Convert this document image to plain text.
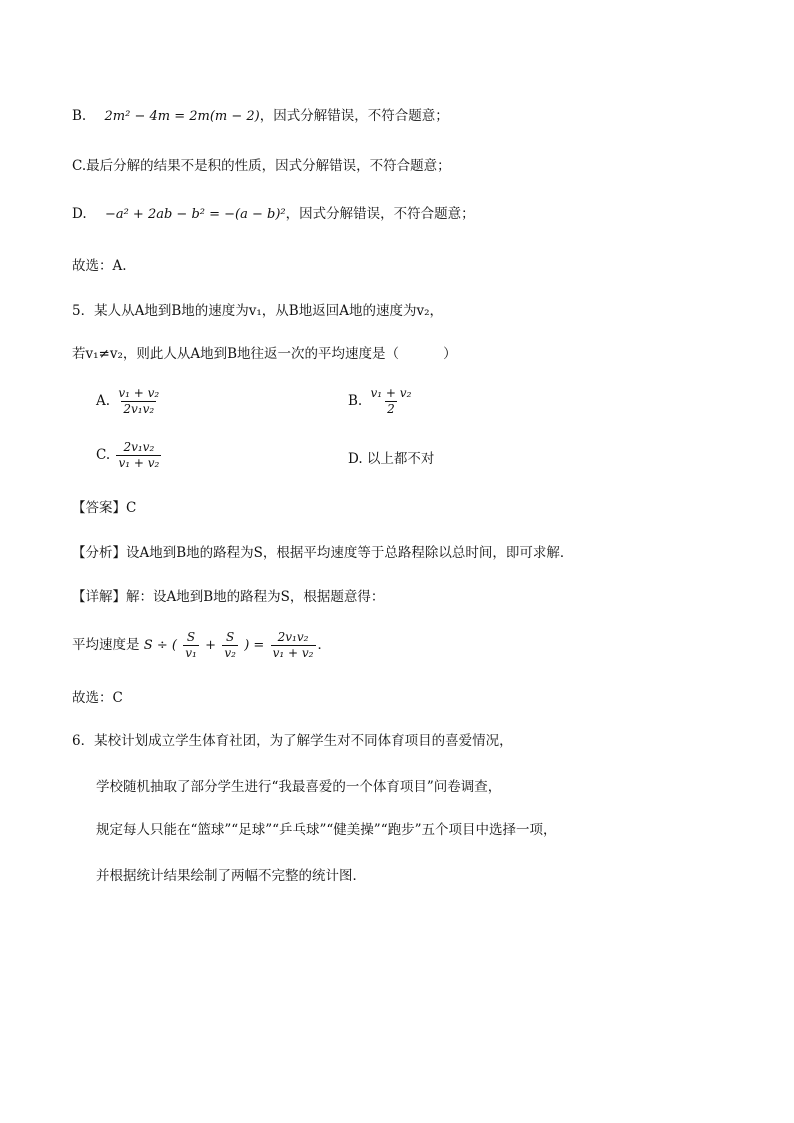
B. 2m² − 4m = 2m(m − 2)，因式分解错误，不符合题意；
C.最后分解的结果不是积的性质，因式分解错误，不符合题意；
D. −a² + 2ab − b² = −(a − b)²，因式分解错误，不符合题意；
故选：A.
5．某人从A地到B地的速度为v₁，从B地返回A地的速度为v₂，
若v₁≠v₂，则此人从A地到B地往返一次的平均速度是（	）
A. $\frac{\text{v₁ + v₂}}{\text{2v₁v₂}}$	B. $\frac{\text{v₁ + v₂}}{2}$
C. $\frac{\text{2v₁v₂}}{\text{v₁ + v₂}}$	D. 以上都不对
【答案】C
【分析】设A地到B地的路程为S，根据平均速度等于总路程除以总时间，即可求解．
【详解】解：设A地到B地的路程为S，根据题意得：
平均速度是 S ÷ ( $\frac{S}{\text{v₁}} + \frac{S}{\text{v₂}}$ ) = $\frac{\text{2v₁v₂}}{\text{v₁ + v₂}}$ ．
故选：C
6．某校计划成立学生体育社团，为了解学生对不同体育项目的喜爱情况，
学校随机抽取了部分学生进行“我最喜爱的一个体育项目”问卷调查，
规定每人只能在“篮球”“足球”“乒乓球”“健美操”“跑步”五个项目中选择一项，
并根据统计结果绘制了两幅不完整的统计图．
